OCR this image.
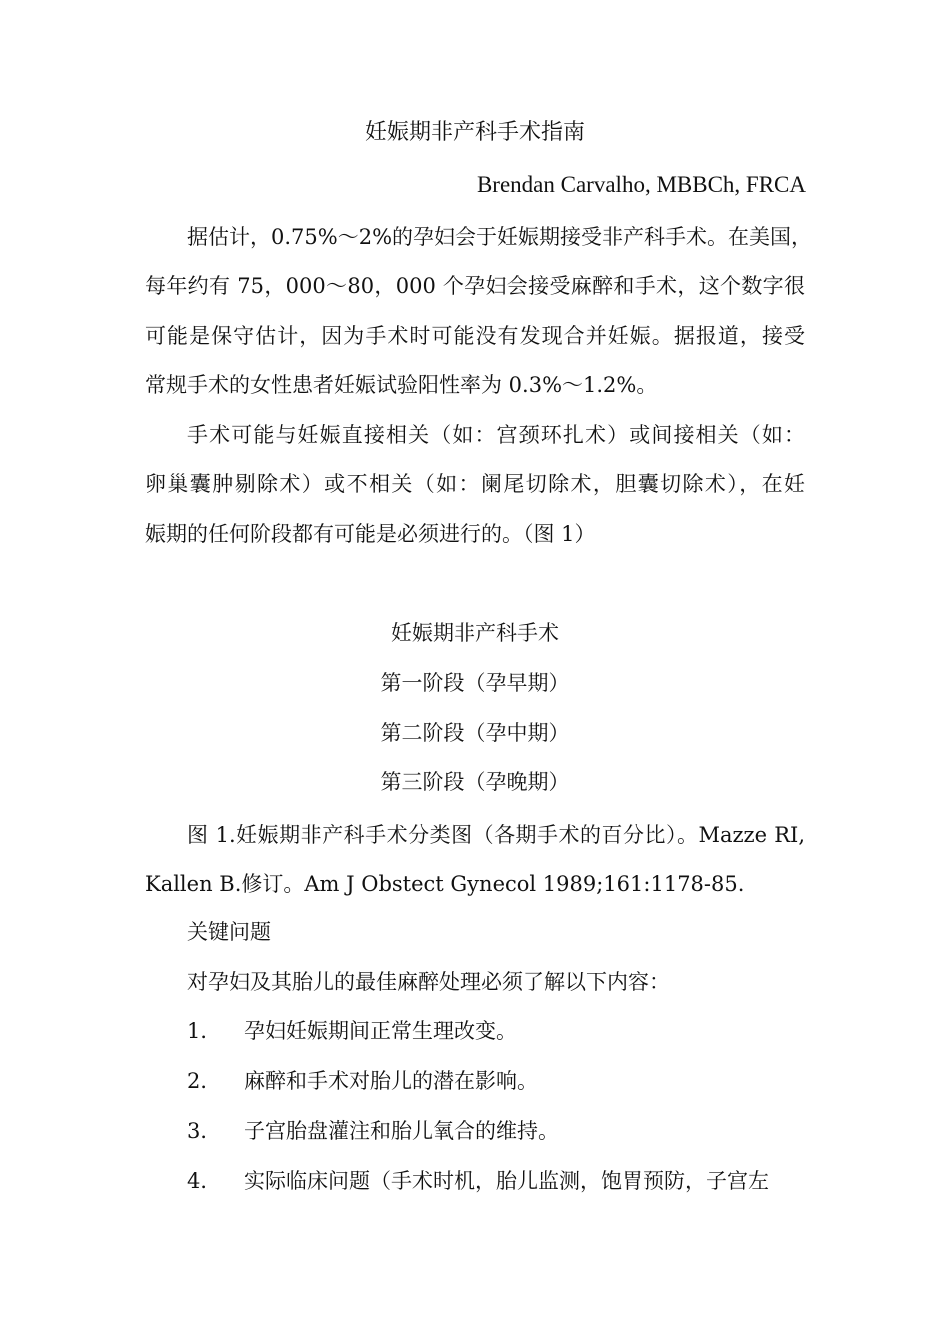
妊娠期非产科手术指南
Brendan Carvalho, MBBCh, FRCA
据估计，0.75%～2%的孕妇会于妊娠期接受非产科手术。在美国，
每年约有 75，000～80，000 个孕妇会接受麻醉和手术，这个数字很
可能是保守估计，因为手术时可能没有发现合并妊娠。据报道，接受
常规手术的女性患者妊娠试验阳性率为 0.3%～1.2%。
手术可能与妊娠直接相关（如：宫颈环扎术）或间接相关（如：
卵巢囊肿剔除术）或不相关（如：阑尾切除术，胆囊切除术），在妊
娠期的任何阶段都有可能是必须进行的。（图 1）
妊娠期非产科手术
第一阶段（孕早期）
第二阶段（孕中期）
第三阶段（孕晚期）
图 1.妊娠期非产科手术分类图（各期手术的百分比）。Mazze RI,
Kallen B.修订。Am J Obstect Gynecol 1989;161:1178-85.
关键问题
对孕妇及其胎儿的最佳麻醉处理必须了解以下内容：
1． 孕妇妊娠期间正常生理改变。
2． 麻醉和手术对胎儿的潜在影响。
3． 子宫胎盘灌注和胎儿氧合的维持。
4． 实际临床问题（手术时机，胎儿监测，饱胃预防，子宫左
